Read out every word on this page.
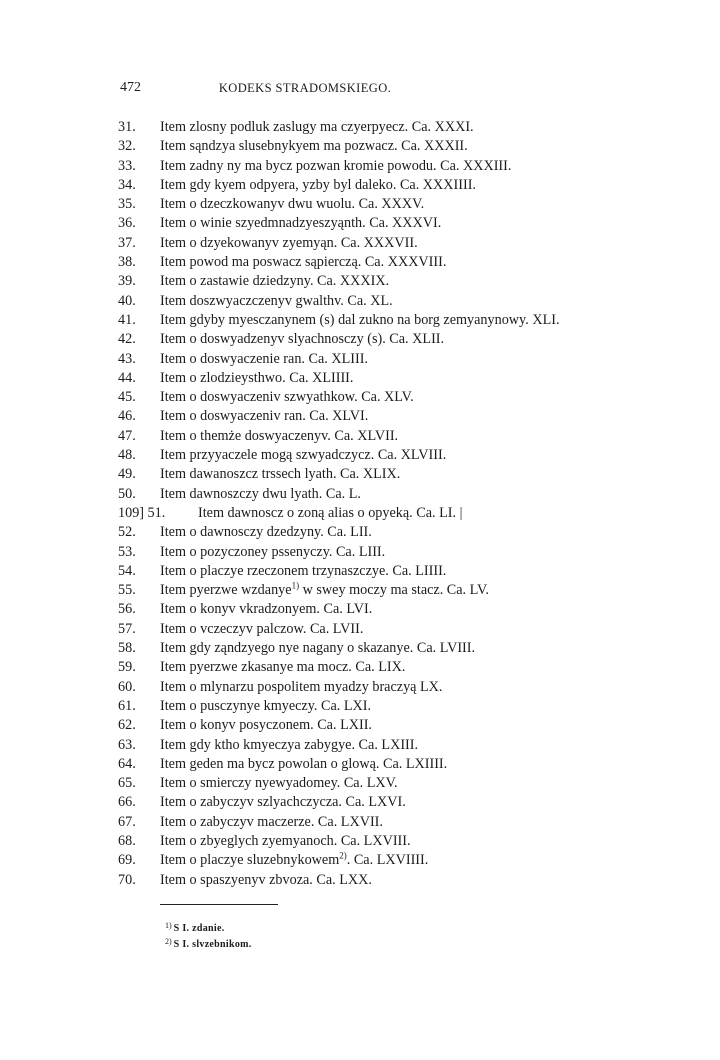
472	KODEKS STRADOMSKIEGO.
31. Item zlosny podluk zaslugy ma czyerpyecz. Ca. XXXI.
32. Item sąndzya slusebnykyem ma pozwacz. Ca. XXXII.
33. Item zadny ny ma bycz pozwan kromie powodu. Ca. XXXIII.
34. Item gdy kyem odpyera, yzby byl daleko. Ca. XXXIIII.
35. Item o dzeczkowanyv dwu wuolu. Ca. XXXV.
36. Item o winie szyedmnadzyeszyąnth. Ca. XXXVI.
37. Item o dzyekowanyv zyemyąn. Ca. XXXVII.
38. Item powod ma poswacz sąpierczą. Ca. XXXVIII.
39. Item o zastawie dziedzyny. Ca. XXXIX.
40. Item doszwyaczczenyv gwalthv. Ca. XL.
41. Item gdyby myesczanynem (s) dal zukno na borg zemyanynowy. XLI.
42. Item o doswyadzenyv slyachnosczy (s). Ca. XLII.
43. Item o doswyaczenie ran. Ca. XLIII.
44. Item o zlodzieysthwo. Ca. XLIIII.
45. Item o doswyaczeniv szwyathkow. Ca. XLV.
46. Item o doswyaczeniv ran. Ca. XLVI.
47. Item o themże doswyaczenyv. Ca. XLVII.
48. Item przyyaczele mogą szwyadczycz. Ca. XLVIII.
49. Item dawanoszcz trssech lyath. Ca. XLIX.
50. Item dawnoszczy dwu lyath. Ca. L.
109] 51. Item dawnoscz o zoną alias o opyeką. Ca. LI. |
52. Item o dawnosczy dzedzyny. Ca. LII.
53. Item o pozyczoney pssenyczy. Ca. LIII.
54. Item o placzye rzeczonem trzynaszczye. Ca. LIIII.
55. Item pyerzwe wzdanye$^{1)}$ w swey moczy ma stacz. Ca. LV.
56. Item o konyv vkradzonyem. Ca. LVI.
57. Item o vczeczyv palczow. Ca. LVII.
58. Item gdy ząndzyego nye nagany o skazanye. Ca. LVIII.
59. Item pyerzwe zkasanye ma mocz. Ca. LIX.
60. Item o mlynarzu pospolitem myadzy braczyą LX.
61. Item o pusczynye kmyeczy. Ca. LXI.
62. Item o konyv posyczonem. Ca. LXII.
63. Item gdy ktho kmyeczya zabygye. Ca. LXIII.
64. Item geden ma bycz powolan o glową. Ca. LXIIII.
65. Item o smierczy nyewyadomey. Ca. LXV.
66. Item o zabyczyv szlyachczycza. Ca. LXVI.
67. Item o zabyczyv maczerze. Ca. LXVII.
68. Item o zbyeglych zyemyanoch. Ca. LXVIII.
69. Item o placzye sluzebnykowem$^{2)}$. Ca. LXVIIII.
70. Item o spaszyenyv zbvoza. Ca. LXX.
$^{1)}$ S I. zdanie.
$^{2)}$ S I. slvzebnikom.
